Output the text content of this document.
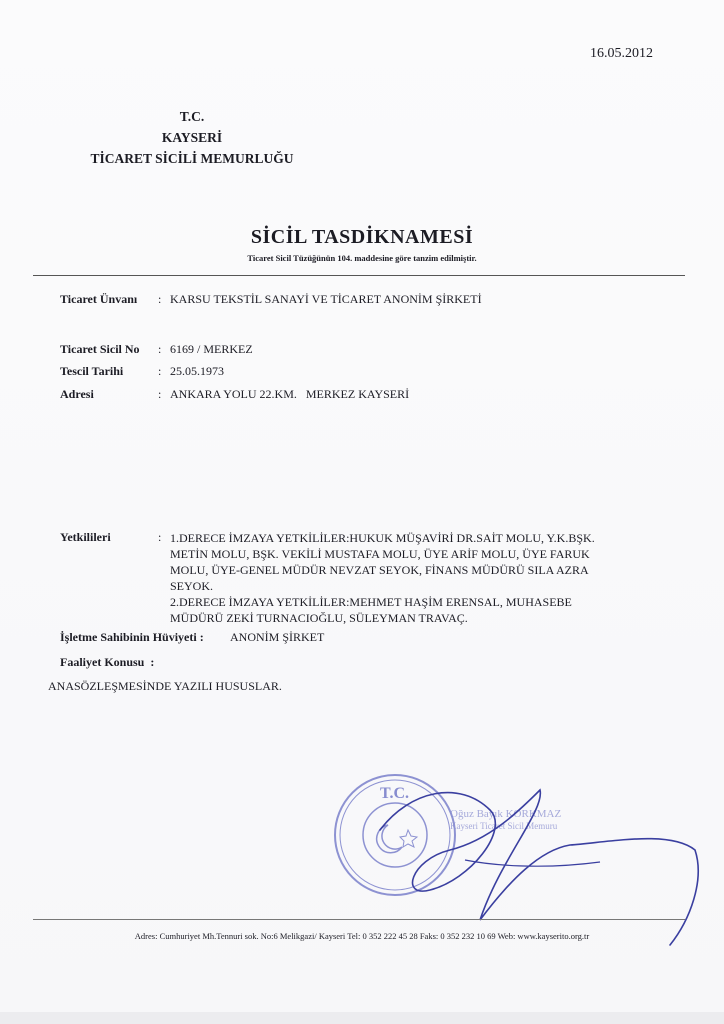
16.05.2012
T.C.
KAYSERİ
TİCARET SİCİLİ MEMURLUĞU
SİCİL TASDİKNAMESİ
Ticaret Sicil Tüzüğünün 104. maddesine göre tanzim edilmiştir.
Ticaret Ünvanı : KARSU TEKSTİL SANAYİ VE TİCARET ANONİM ŞİRKETİ
Ticaret Sicil No : 6169 / MERKEZ
Tescil Tarihi	: 25.05.1973
Adresi	: ANKARA YOLU 22.KM.   MERKEZ KAYSERİ
Yetkilileri	: 1.DERECE İMZAYA YETKİLİLER:HUKUK MÜŞAVİRİ DR.SAİT MOLU, Y.K.BŞK.
METİN MOLU, BŞK. VEKİLİ MUSTAFA MOLU, ÜYE ARİF MOLU, ÜYE FARUK
MOLU, ÜYE-GENEL MÜDÜR NEVZAT SEYOK, FİNANS MÜDÜRÜ SILA AZRA
SEYOK.
2.DERECE İMZAYA YETKİLİLER:MEHMET HAŞİM ERENSAL, MUHASEBE
MÜDÜRÜ ZEKİ TURNACIOĞLU, SÜLEYMAN TRAVAÇ.
İşletme Sahibinin Hüviyeti : ANONİM ŞİRKET
Faaliyet Konusu  :
ANASÖZLEŞMESİNDE YAZILI HUSUSLAR.
T.C.
Oğuz Bayık KORKMAZ
Kayseri Ticaret Sicil Memuru
Adres: Cumhuriyet Mh.Tennuri sok. No:6 Melikgazi/ Kayseri Tel: 0 352 222 45 28 Faks: 0 352 232 10 69 Web: www.kayserito.org.tr
